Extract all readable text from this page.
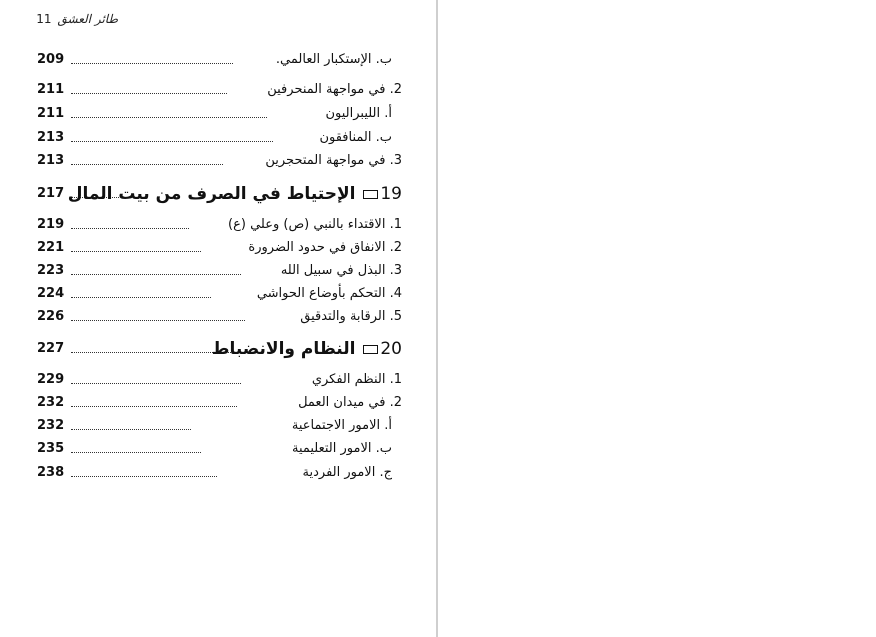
طائر العشق11
209	ب. الإستكبار العالمي.
211	2. في مواجهة المنحرفين
211	أ. الليبراليون
213	ب. المنافقون
213	3. في مواجهة المتحجرين
217	19 الإحتياط في الصرف من بيت المال
219	1. الاقتداء بالنبي (ص) وعلي (ع)
221	2. الانفاق في حدود الضرورة
223	3. البذل في سبيل الله
224	4. التحكم بأوضاع الحواشي
226	5. الرقابة والتدقيق
227	20 النظام والانضباط
229	1. النظم الفكري
232	2. في ميدان العمل
232	أ. الامور الاجتماعية
235	ب. الامور التعليمية
238	ج. الامور الفردية
